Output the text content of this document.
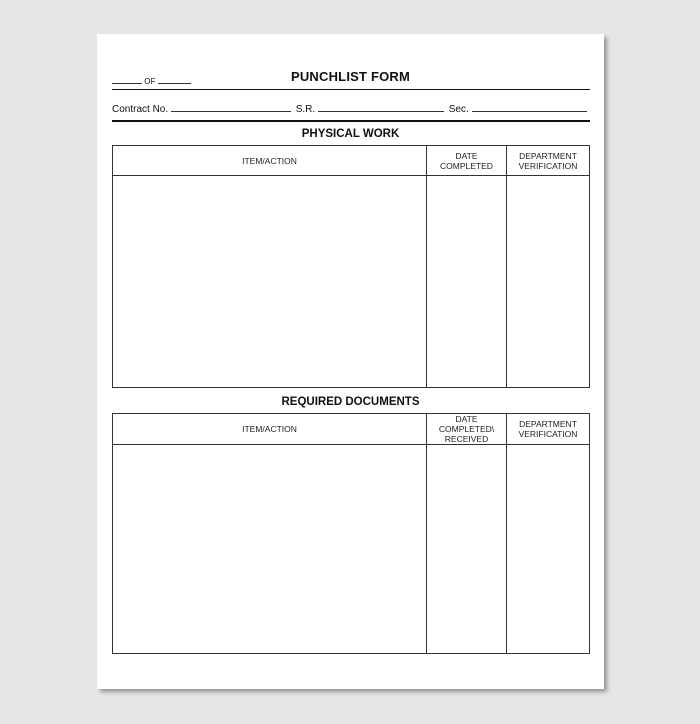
OF	PUNCHLIST FORM
Contract No.	S.R.	Sec.
PHYSICAL WORK
ITEM/ACTION	DATE COMPLETED	DEPARTMENT VERIFICATION

REQUIRED DOCUMENTS
ITEM/ACTION	DATE COMPLETED\ RECEIVED	DEPARTMENT VERIFICATION
